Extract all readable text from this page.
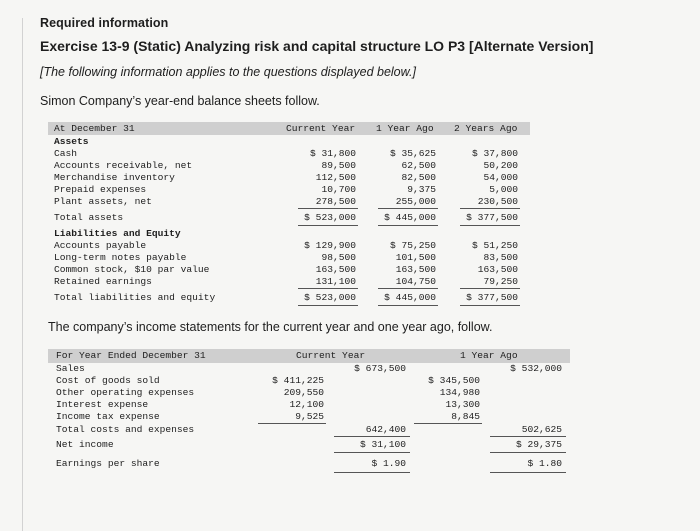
Required information
Exercise 13-9 (Static) Analyzing risk and capital structure LO P3 [Alternate Version]
[The following information applies to the questions displayed below.]
Simon Company’s year-end balance sheets follow.
At December 31	Current Year 1 Year Ago 2 Years Ago
Assets
Cash	$ 31,800	$ 35,625	$ 37,800
Accounts receivable, net	89,500	62,500	50,200
Merchandise inventory	112,500	82,500	54,000
Prepaid expenses	10,700	9,375	5,000
Plant assets, net	278,500	255,000	230,500
Total assets	$ 523,000	$ 445,000	$ 377,500
Liabilities and Equity
Accounts payable	$ 129,900	$ 75,250	$ 51,250
Long-term notes payable	98,500	101,500	83,500
Common stock, $10 par value	163,500	163,500	163,500
Retained earnings	131,100	104,750	79,250
Total liabilities and equity	$ 523,000	$ 445,000	$ 377,500
The company’s income statements for the current year and one year ago, follow.
For Year Ended December 31	Current Year	1 Year Ago
Sales	$ 673,500	$ 532,000
Cost of goods sold	$ 411,225	$ 345,500
Other operating expenses	209,550	134,980
Interest expense	12,100	13,300
Income tax expense	9,525	8,845
Total costs and expenses	642,400	502,625
Net income	$ 31,100	$ 29,375
Earnings per share	$ 1.90	$ 1.80
